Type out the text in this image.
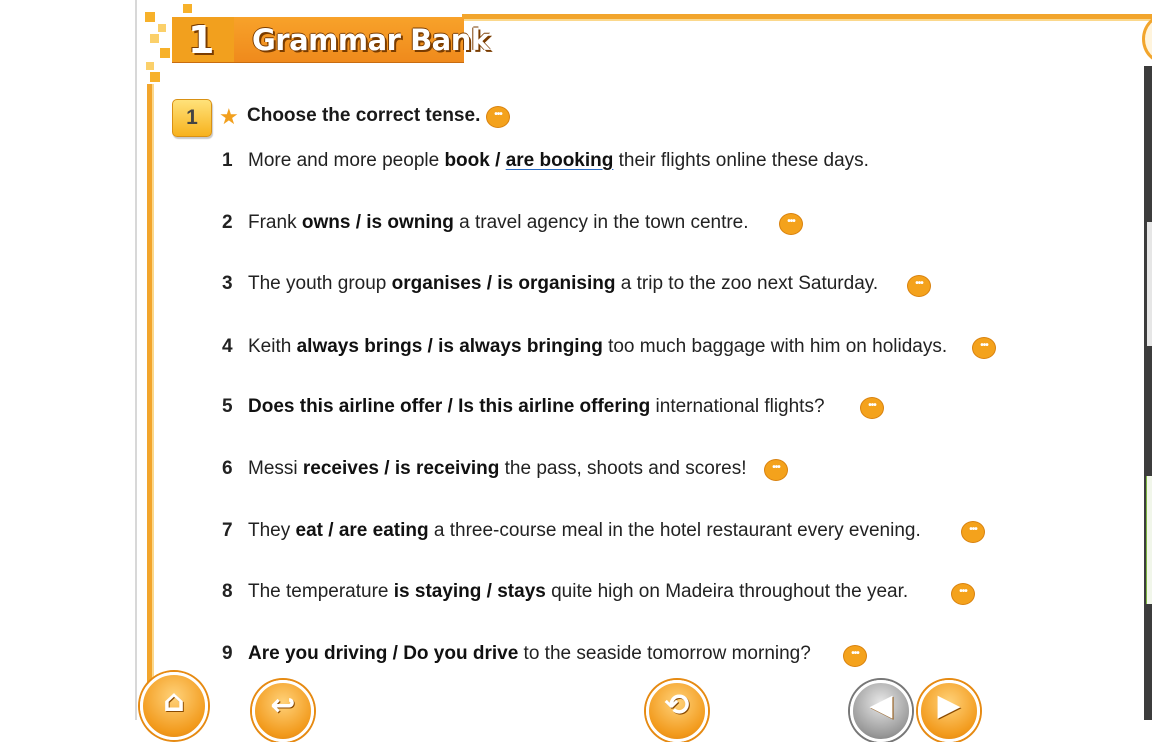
1 Grammar Bank
1 ★ Choose the correct tense.	•••
1 More and more people book / are booking their flights online these days.
2 Frank owns / is owning a travel agency in the town centre.	•••
3 The youth group organises / is organising a trip to the zoo next Saturday.	•••
4 Keith always brings / is always bringing too much baggage with him on holidays.	•••
5 Does this airline offer / Is this airline offering international flights?	•••
6 Messi receives / is receiving the pass, shoots and scores!	•••
7 They eat / are eating a three-course meal in the hotel restaurant every evening.	•••
8 The temperature is staying / stays quite high on Madeira throughout the year.	•••
9 Are you driving / Do you drive to the seaside tomorrow morning?	•••
⌂	↩	⟲	◀	▶
